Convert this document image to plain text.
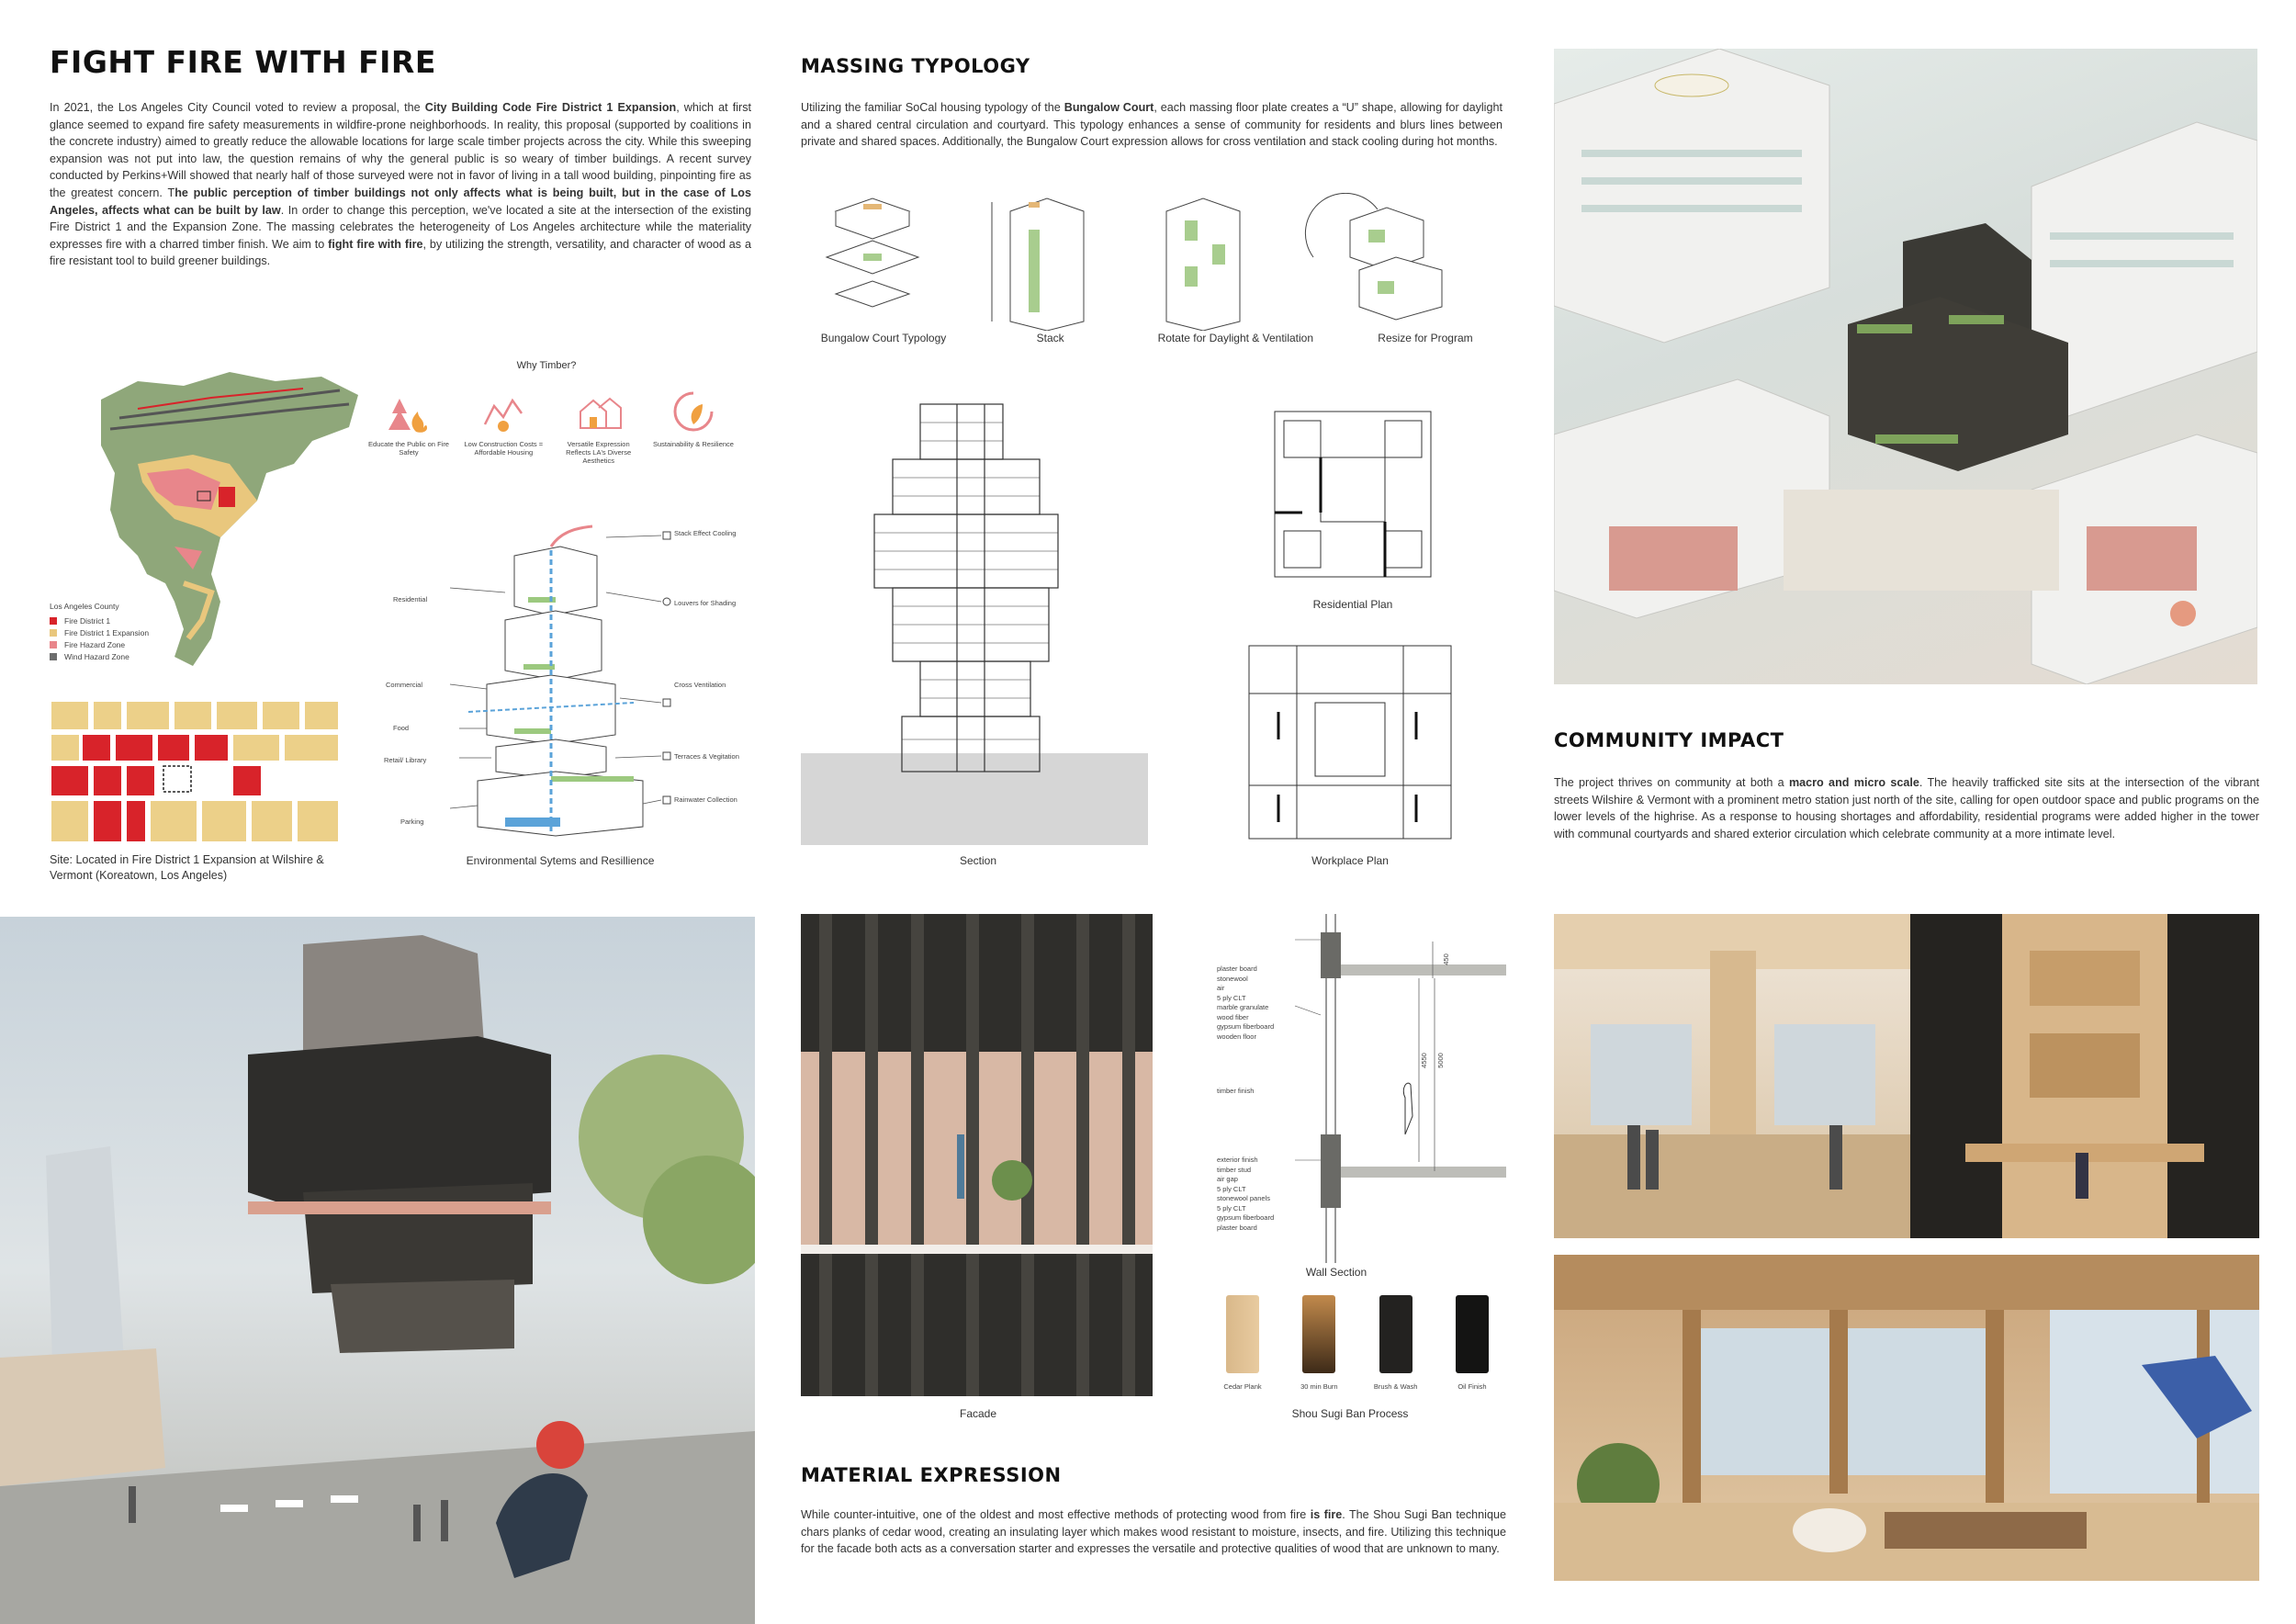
FIGHT FIRE WITH FIRE

In 2021, the Los Angeles City Council voted to review a proposal, the City Building Code Fire District 1 Expansion, which at first glance seemed to expand fire safety measurements in wildfire-prone neighborhoods. In reality, this proposal (supported by coalitions in the concrete industry) aimed to greatly reduce the allowable locations for large scale timber projects across the city. While this sweeping expansion was not put into law, the question remains of why the general public is so weary of timber buildings. A recent survey conducted by Perkins+Will showed that nearly half of those surveyed were not in favor of living in a tall wood building, pinpointing fire as the greatest concern. The public perception of timber buildings not only affects what is being built, but in the case of Los Angeles, affects what can be built by law. In order to change this perception, we've located a site at the intersection of the existing Fire District 1 and the Expansion Zone. The massing celebrates the heterogeneity of Los Angeles architecture while the materiality expresses fire with a charred timber finish. We aim to fight fire with fire, by utilizing the strength, versatility, and character of wood as a fire resistant tool to build greener buildings.

Los Angeles County
Fire District 1
Fire District 1 Expansion
Fire Hazard Zone
Wind Hazard Zone

Site: Located in Fire District 1 Expansion at Wilshire & Vermont (Koreatown, Los Angeles)

Why Timber?
Educate the Public on Fire Safety
Low Construction Costs = Affordable Housing
Versatile Expression Reflects LA's Diverse Aesthetics
Sustainability & Resilience
Stack Effect Cooling
Louvers for Shading
Cross Ventilation
Terraces & Vegitation
Rainwater Collection
Residential
Commercial
Food
Retail/ Library
Parking
Environmental Sytems and Resillience
MASSING TYPOLOGY

Utilizing the familiar SoCal housing typology of the Bungalow Court, each massing floor plate creates a “U” shape, allowing for daylight and a shared central circulation and courtyard. This typology enhances a sense of community for residents and blurs lines between private and shared spaces. Additionally, the Bungalow Court expression allows for cross ventilation and stack cooling during hot months.

Bungalow Court Typology	Stack	Rotate for Daylight & Ventilation	Resize for Program
Section
Residential Plan
Workplace Plan
COMMUNITY IMPACT

The project thrives on community at both a macro and micro scale. The heavily trafficked site sits at the intersection of the vibrant streets Wilshire & Vermont with a prominent metro station just north of the site, calling for open outdoor space and public programs on the lower levels of the highrise. As a response to housing shortages and affordability, residential programs were added higher in the tower with communal courtyards and shared exterior circulation which celebrate community at a more intimate level.

Facade
plaster board
stonewool
air
5 ply CLT
marble granulate
wood fiber
gypsum fiberboard
wooden floor
timber finish
exterior finish
timber stud
air gap
5 ply CLT
stonewool panels
5 ply CLT
gypsum fiberboard
plaster board
450
4550 5000
Wall Section
Cedar Plank	30 min Burn	Brush & Wash	Oil Finish
Shou Sugi Ban Process
MATERIAL EXPRESSION

While counter-intuitive, one of the oldest and most effective methods of protecting wood from fire is fire. The Shou Sugi Ban technique chars planks of cedar wood, creating an insulating layer which makes wood resistant to moisture, insects, and fire. Utilizing this technique for the facade both acts as a conversation starter and expresses the versatile and protective qualities of wood that are unknown to many.
